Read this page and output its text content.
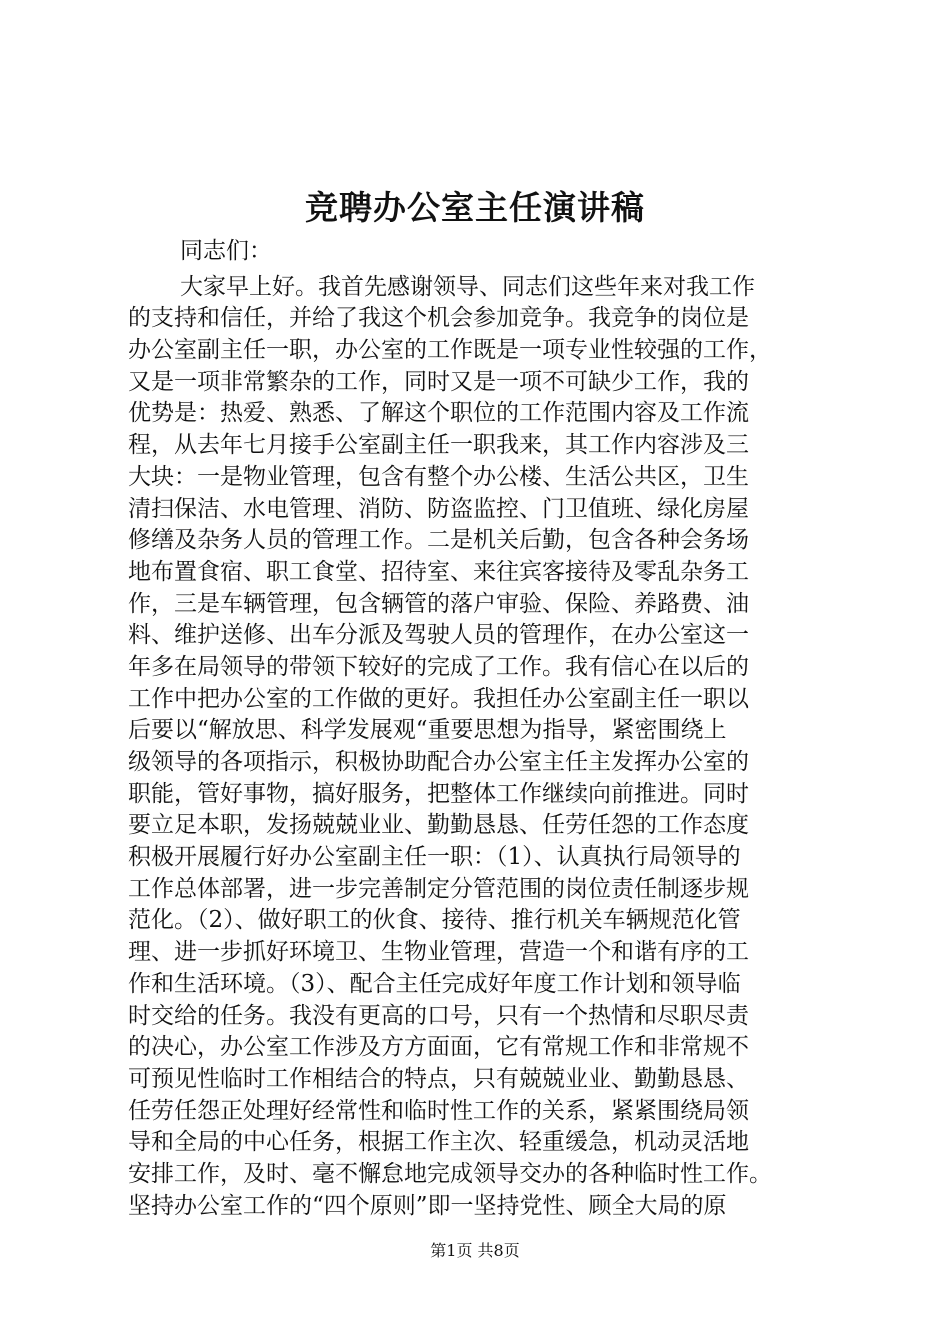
竞聘办公室主任演讲稿
同志们：
大家早上好。我首先感谢领导、同志们这些年来对我工作
的支持和信任，并给了我这个机会参加竞争。我竞争的岗位是
办公室副主任一职，办公室的工作既是一项专业性较强的工作，
又是一项非常繁杂的工作，同时又是一项不可缺少工作，我的
优势是：热爱、熟悉、了解这个职位的工作范围内容及工作流
程，从去年七月接手公室副主任一职我来，其工作内容涉及三
大块：一是物业管理，包含有整个办公楼、生活公共区，卫生
清扫保洁、水电管理、消防、防盗监控、门卫值班、绿化房屋
修缮及杂务人员的管理工作。二是机关后勤，包含各种会务场
地布置食宿、职工食堂、招待室、来往宾客接待及零乱杂务工
作，三是车辆管理，包含辆管的落户审验、保险、养路费、油
料、维护送修、出车分派及驾驶人员的管理作，在办公室这一
年多在局领导的带领下较好的完成了工作。我有信心在以后的
工作中把办公室的工作做的更好。我担任办公室副主任一职以
后要以“解放思、科学发展观“重要思想为指导，紧密围绕上
级领导的各项指示，积极协助配合办公室主任主发挥办公室的
职能，管好事物，搞好服务，把整体工作继续向前推进。同时
要立足本职，发扬兢兢业业、勤勤恳恳、任劳任怨的工作态度
积极开展履行好办公室副主任一职：（1）、认真执行局领导的
工作总体部署，进一步完善制定分管范围的岗位责任制逐步规
范化。（2）、做好职工的伙食、接待、推行机关车辆规范化管
理、进一步抓好环境卫、生物业管理，营造一个和谐有序的工
作和生活环境。（3）、配合主任完成好年度工作计划和领导临
时交给的任务。我没有更高的口号，只有一个热情和尽职尽责
的决心，办公室工作涉及方方面面，它有常规工作和非常规不
可预见性临时工作相结合的特点，只有兢兢业业、勤勤恳恳、
任劳任怨正处理好经常性和临时性工作的关系，紧紧围绕局领
导和全局的中心任务，根据工作主次、轻重缓急，机动灵活地
安排工作，及时、毫不懈怠地完成领导交办的各种临时性工作。
坚持办公室工作的“四个原则”即一坚持党性、顾全大局的原
第1页 共8页
